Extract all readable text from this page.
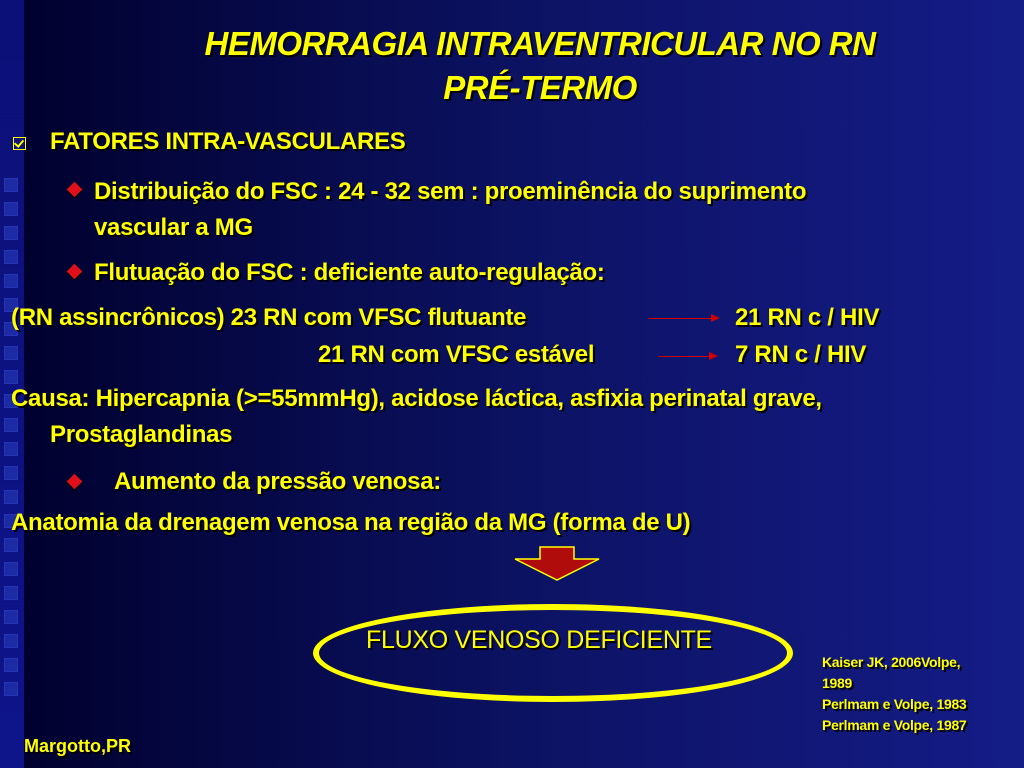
HEMORRAGIA INTRAVENTRICULAR NO RN
PRÉ-TERMO
FATORES INTRA-VASCULARES
Distribuição do FSC : 24 - 32 sem : proeminência do suprimento
vascular a MG
Flutuação do FSC : deficiente auto-regulação:
(RN assincrônicos) 23 RN com VFSC flutuante	21 RN c / HIV
21 RN com VFSC estável	7 RN c / HIV
Causa: Hipercapnia (>=55mmHg), acidose láctica, asfixia perinatal grave,
Prostaglandinas
Aumento da pressão venosa:
Anatomia da drenagem venosa na região da MG (forma de U)
FLUXO VENOSO DEFICIENTE
Kaiser JK, 2006Volpe,
1989
Perlmam e Volpe, 1983
Perlmam e Volpe, 1987
Margotto,PR
